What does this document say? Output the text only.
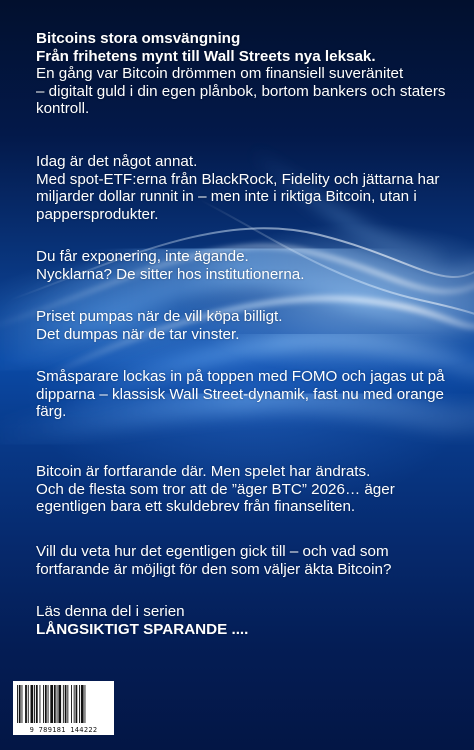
Bitcoins stora omsvängning

Från frihetens mynt till Wall Streets nya leksak.

En gång var Bitcoin drömmen om finansiell suveränitet

– digitalt guld i din egen plånbok, bortom bankers och staters

kontroll.

Idag är det något annat.

Med spot-ETF:erna från BlackRock, Fidelity och jättarna har

miljarder dollar runnit in – men inte i riktiga Bitcoin, utan i

pappersprodukter.

Du får exponering, inte ägande.

Nycklarna? De sitter hos institutionerna.

Priset pumpas när de vill köpa billigt.

Det dumpas när de tar vinster.

Småsparare lockas in på toppen med FOMO och jagas ut på

dipparna – klassisk Wall Street-dynamik, fast nu med orange

färg.

Bitcoin är fortfarande där. Men spelet har ändrats.

Och de flesta som tror att de ”äger BTC” 2026… äger

egentligen bara ett skuldebrev från finanseliten.

Vill du veta hur det egentligen gick till – och vad som

fortfarande är möjligt för den som väljer äkta Bitcoin?

Läs denna del i serien

LÅNGSIKTIGT SPARANDE ....

9 789181 144222
